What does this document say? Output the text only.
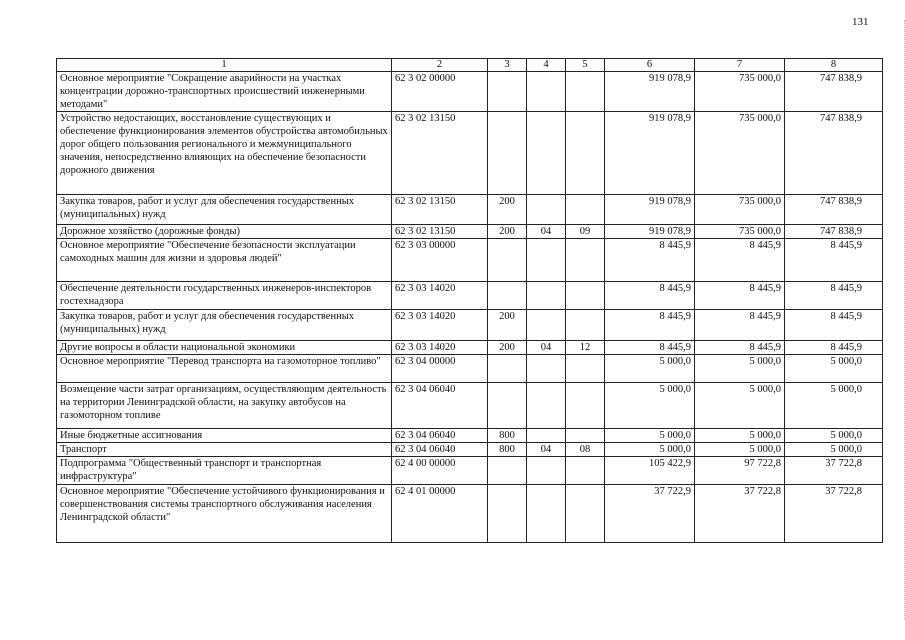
131
1	2	3	4	5	6	7	8
Основное мероприятие "Сокращение аварийности на участках концентрации дорожно-транспортных происшествий инженерными методами"	62 3 02 00000				919 078,9	735 000,0	747 838,9
Устройство недостающих, восстановление существующих и обеспечение функционирования элементов обустройства автомобильных дорог общего пользования регионального и межмуниципального значения, непосредственно влияющих на обеспечение безопасности дорожного движения	62 3 02 13150				919 078,9	735 000,0	747 838,9
Закупка товаров, работ и услуг для обеспечения государственных (муниципальных) нужд	62 3 02 13150	200			919 078,9	735 000,0	747 838,9
Дорожное хозяйство (дорожные фонды)	62 3 02 13150	200	04	09	919 078,9	735 000,0	747 838,9
Основное мероприятие "Обеспечение безопасности эксплуатации самоходных машин для жизни и здоровья людей"	62 3 03 00000				8 445,9	8 445,9	8 445,9
Обеспечение деятельности государственных инженеров-инспекторов гостехнадзора	62 3 03 14020				8 445,9	8 445,9	8 445,9
Закупка товаров, работ и услуг для обеспечения государственных (муниципальных) нужд	62 3 03 14020	200			8 445,9	8 445,9	8 445,9
Другие вопросы в области национальной экономики	62 3 03 14020	200	04	12	8 445,9	8 445,9	8 445,9
Основное мероприятие "Перевод транспорта на газомоторное топливо"	62 3 04 00000				5 000,0	5 000,0	5 000,0
Возмещение части затрат организациям, осуществляющим деятельность на территории Ленинградской области, на закупку автобусов на газомоторном топливе	62 3 04 06040				5 000,0	5 000,0	5 000,0
Иные бюджетные ассигнования	62 3 04 06040	800			5 000,0	5 000,0	5 000,0
Транспорт	62 3 04 06040	800	04	08	5 000,0	5 000,0	5 000,0
Подпрограмма "Общественный транспорт и транспортная инфраструктура"	62 4 00 00000				105 422,9	97 722,8	37 722,8
Основное мероприятие "Обеспечение устойчивого функционирования и совершенствования системы транспортного обслуживания населения Ленинградской области"	62 4 01 00000				37 722,9	37 722,8	37 722,8
